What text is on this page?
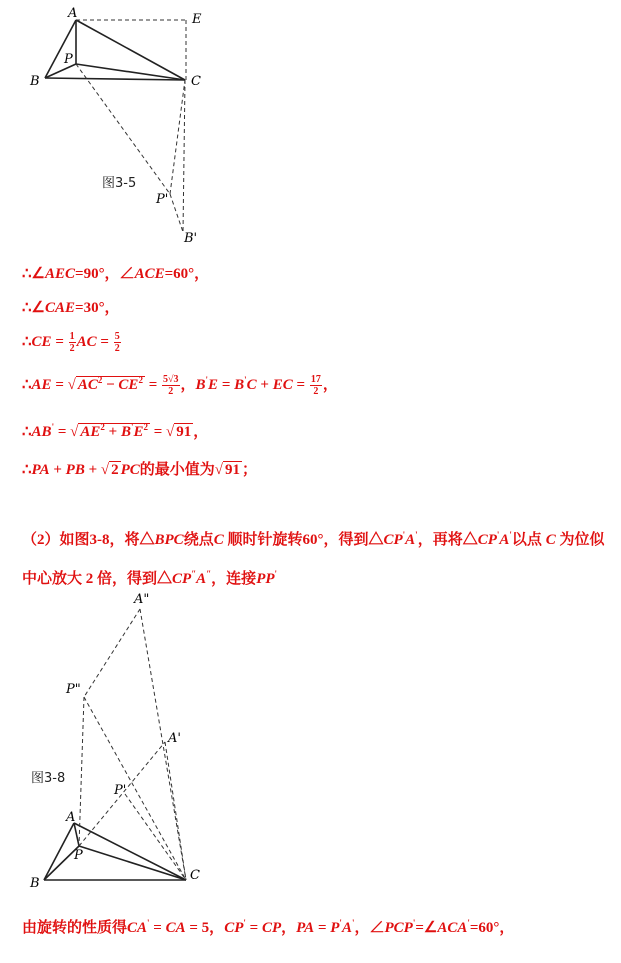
A	E
P
B	C
P'
B'
图3-5
∴∠AEC=90°，∠ACE=60°，
∴∠CAE=30°，
∴CE = $\frac{1}{2}$ AC = $\frac{5}{2}$
∴AE = √ $AC^2 - CE^2 = \frac{5√3}{2}$ ，B'E = B'C + EC = $\frac{17}{2}$ ，
∴AB' = √ $AE^2 + B'E^2$ = √ 91 ，
∴PA + PB + √ 2 PC的最小值为√ 91 ；
（2）如图3-8，将△BPC绕点C 顺时针旋转60°，得到△CP'A'，再将△CP'A'以点 C 为位似中心放大 2 倍，得到△CP″A″，连接PP'
A"
P"
A'
P'
A
P
B
C
图3-8
由旋转的性质得CA' = CA = 5，CP' = CP，PA = P'A'，∠PCP'=∠ACA'=60°，
